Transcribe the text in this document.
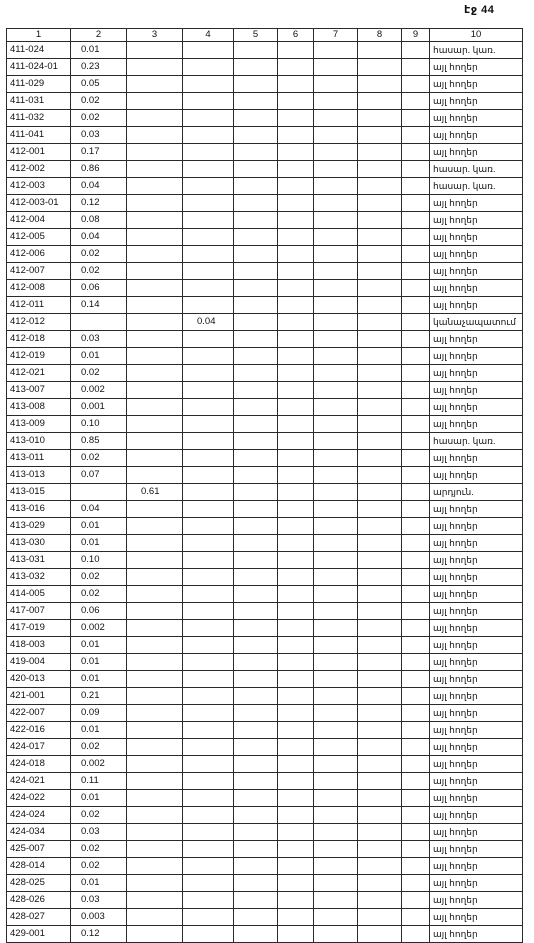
էջ 44
1	2	3	4	5	6	7	8	9	10
411-024	0.01								հասար. կառ.
411-024-01	0.23								այլ հողեր
411-029	0.05								այլ հողեր
411-031	0.02								այլ հողեր
411-032	0.02								այլ հողեր
411-041	0.03								այլ հողեր
412-001	0.17								այլ հողեր
412-002	0.86								հասար. կառ.
412-003	0.04								հասար. կառ.
412-003-01	0.12								այլ հողեր
412-004	0.08								այլ հողեր
412-005	0.04								այլ հողեր
412-006	0.02								այլ հողեր
412-007	0.02								այլ հողեր
412-008	0.06								այլ հողեր
412-011	0.14								այլ հողեր
412-012			0.04						կանաչապատում
412-018	0.03								այլ հողեր
412-019	0.01								այլ հողեր
412-021	0.02								այլ հողեր
413-007	0.002								այլ հողեր
413-008	0.001								այլ հողեր
413-009	0.10								այլ հողեր
413-010	0.85								հասար. կառ.
413-011	0.02								այլ հողեր
413-013	0.07								այլ հողեր
413-015		0.61							արդյուն.
413-016	0.04								այլ հողեր
413-029	0.01								այլ հողեր
413-030	0.01								այլ հողեր
413-031	0.10								այլ հողեր
413-032	0.02								այլ հողեր
414-005	0.02								այլ հողեր
417-007	0.06								այլ հողեր
417-019	0.002								այլ հողեր
418-003	0.01								այլ հողեր
419-004	0.01								այլ հողեր
420-013	0.01								այլ հողեր
421-001	0.21								այլ հողեր
422-007	0.09								այլ հողեր
422-016	0.01								այլ հողեր
424-017	0.02								այլ հողեր
424-018	0.002								այլ հողեր
424-021	0.11								այլ հողեր
424-022	0.01								այլ հողեր
424-024	0.02								այլ հողեր
424-034	0.03								այլ հողեր
425-007	0.02								այլ հողեր
428-014	0.02								այլ հողեր
428-025	0.01								այլ հողեր
428-026	0.03								այլ հողեր
428-027	0.003								այլ հողեր
429-001	0.12								այլ հողեր
